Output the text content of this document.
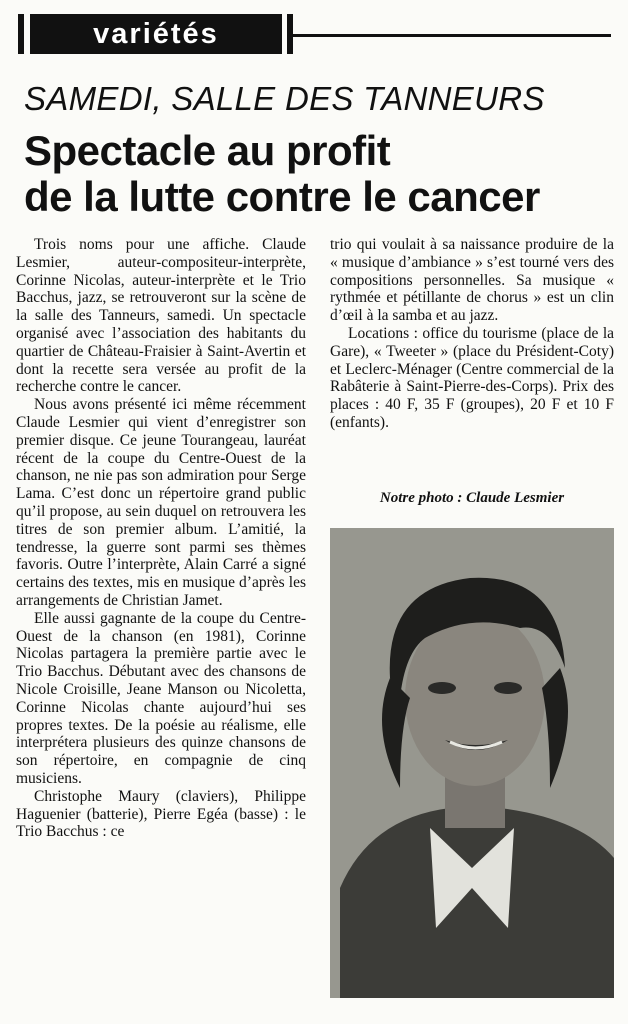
variétés
SAMEDI, SALLE DES TANNEURS
Spectacle au profit
de la lutte contre le cancer

Trois noms pour une affiche. Claude Lesmier, auteur-compositeur-interprète, Corinne Nicolas, auteur-interprète et le Trio Bacchus, jazz, se retrouveront sur la scène de la salle des Tanneurs, samedi. Un spectacle organisé avec l’association des habitants du quartier de Château-Fraisier à Saint-Avertin et dont la recette sera versée au profit de la recherche contre le cancer.

Nous avons présenté ici même récemment Claude Lesmier qui vient d’enregistrer son premier disque. Ce jeune Tourangeau, lauréat récent de la coupe du Centre-Ouest de la chanson, ne nie pas son admiration pour Serge Lama. C’est donc un répertoire grand public qu’il propose, au sein duquel on retrouvera les titres de son premier album. L’amitié, la tendresse, la guerre sont parmi ses thèmes favoris. Outre l’interprète, Alain Carré a signé certains des textes, mis en musique d’après les arrangements de Christian Jamet.

Elle aussi gagnante de la coupe du Centre-Ouest de la chanson (en 1981), Corinne Nicolas partagera la première partie avec le Trio Bacchus. Débutant avec des chansons de Nicole Croisille, Jeane Manson ou Nicoletta, Corinne Nicolas chante aujourd’hui ses propres textes. De la poésie au réalisme, elle interprétera plusieurs des quinze chansons de son répertoire, en compagnie de cinq musiciens.

Christophe Maury (claviers), Philippe Haguenier (batterie), Pierre Egéa (basse) : le Trio Bacchus : ce

trio qui voulait à sa naissance produire de la « musique d’ambiance » s’est tourné vers des compositions personnelles. Sa musique « rythmée et pétillante de chorus » est un clin d’œil à la samba et au jazz.

Locations : office du tourisme (place de la Gare), « Tweeter » (place du Président-Coty) et Leclerc-Ménager (Centre commercial de la Rabâterie à Saint-Pierre-des-Corps). Prix des places : 40 F, 35 F (groupes), 20 F et 10 F (enfants).

Notre photo : Claude Lesmier
